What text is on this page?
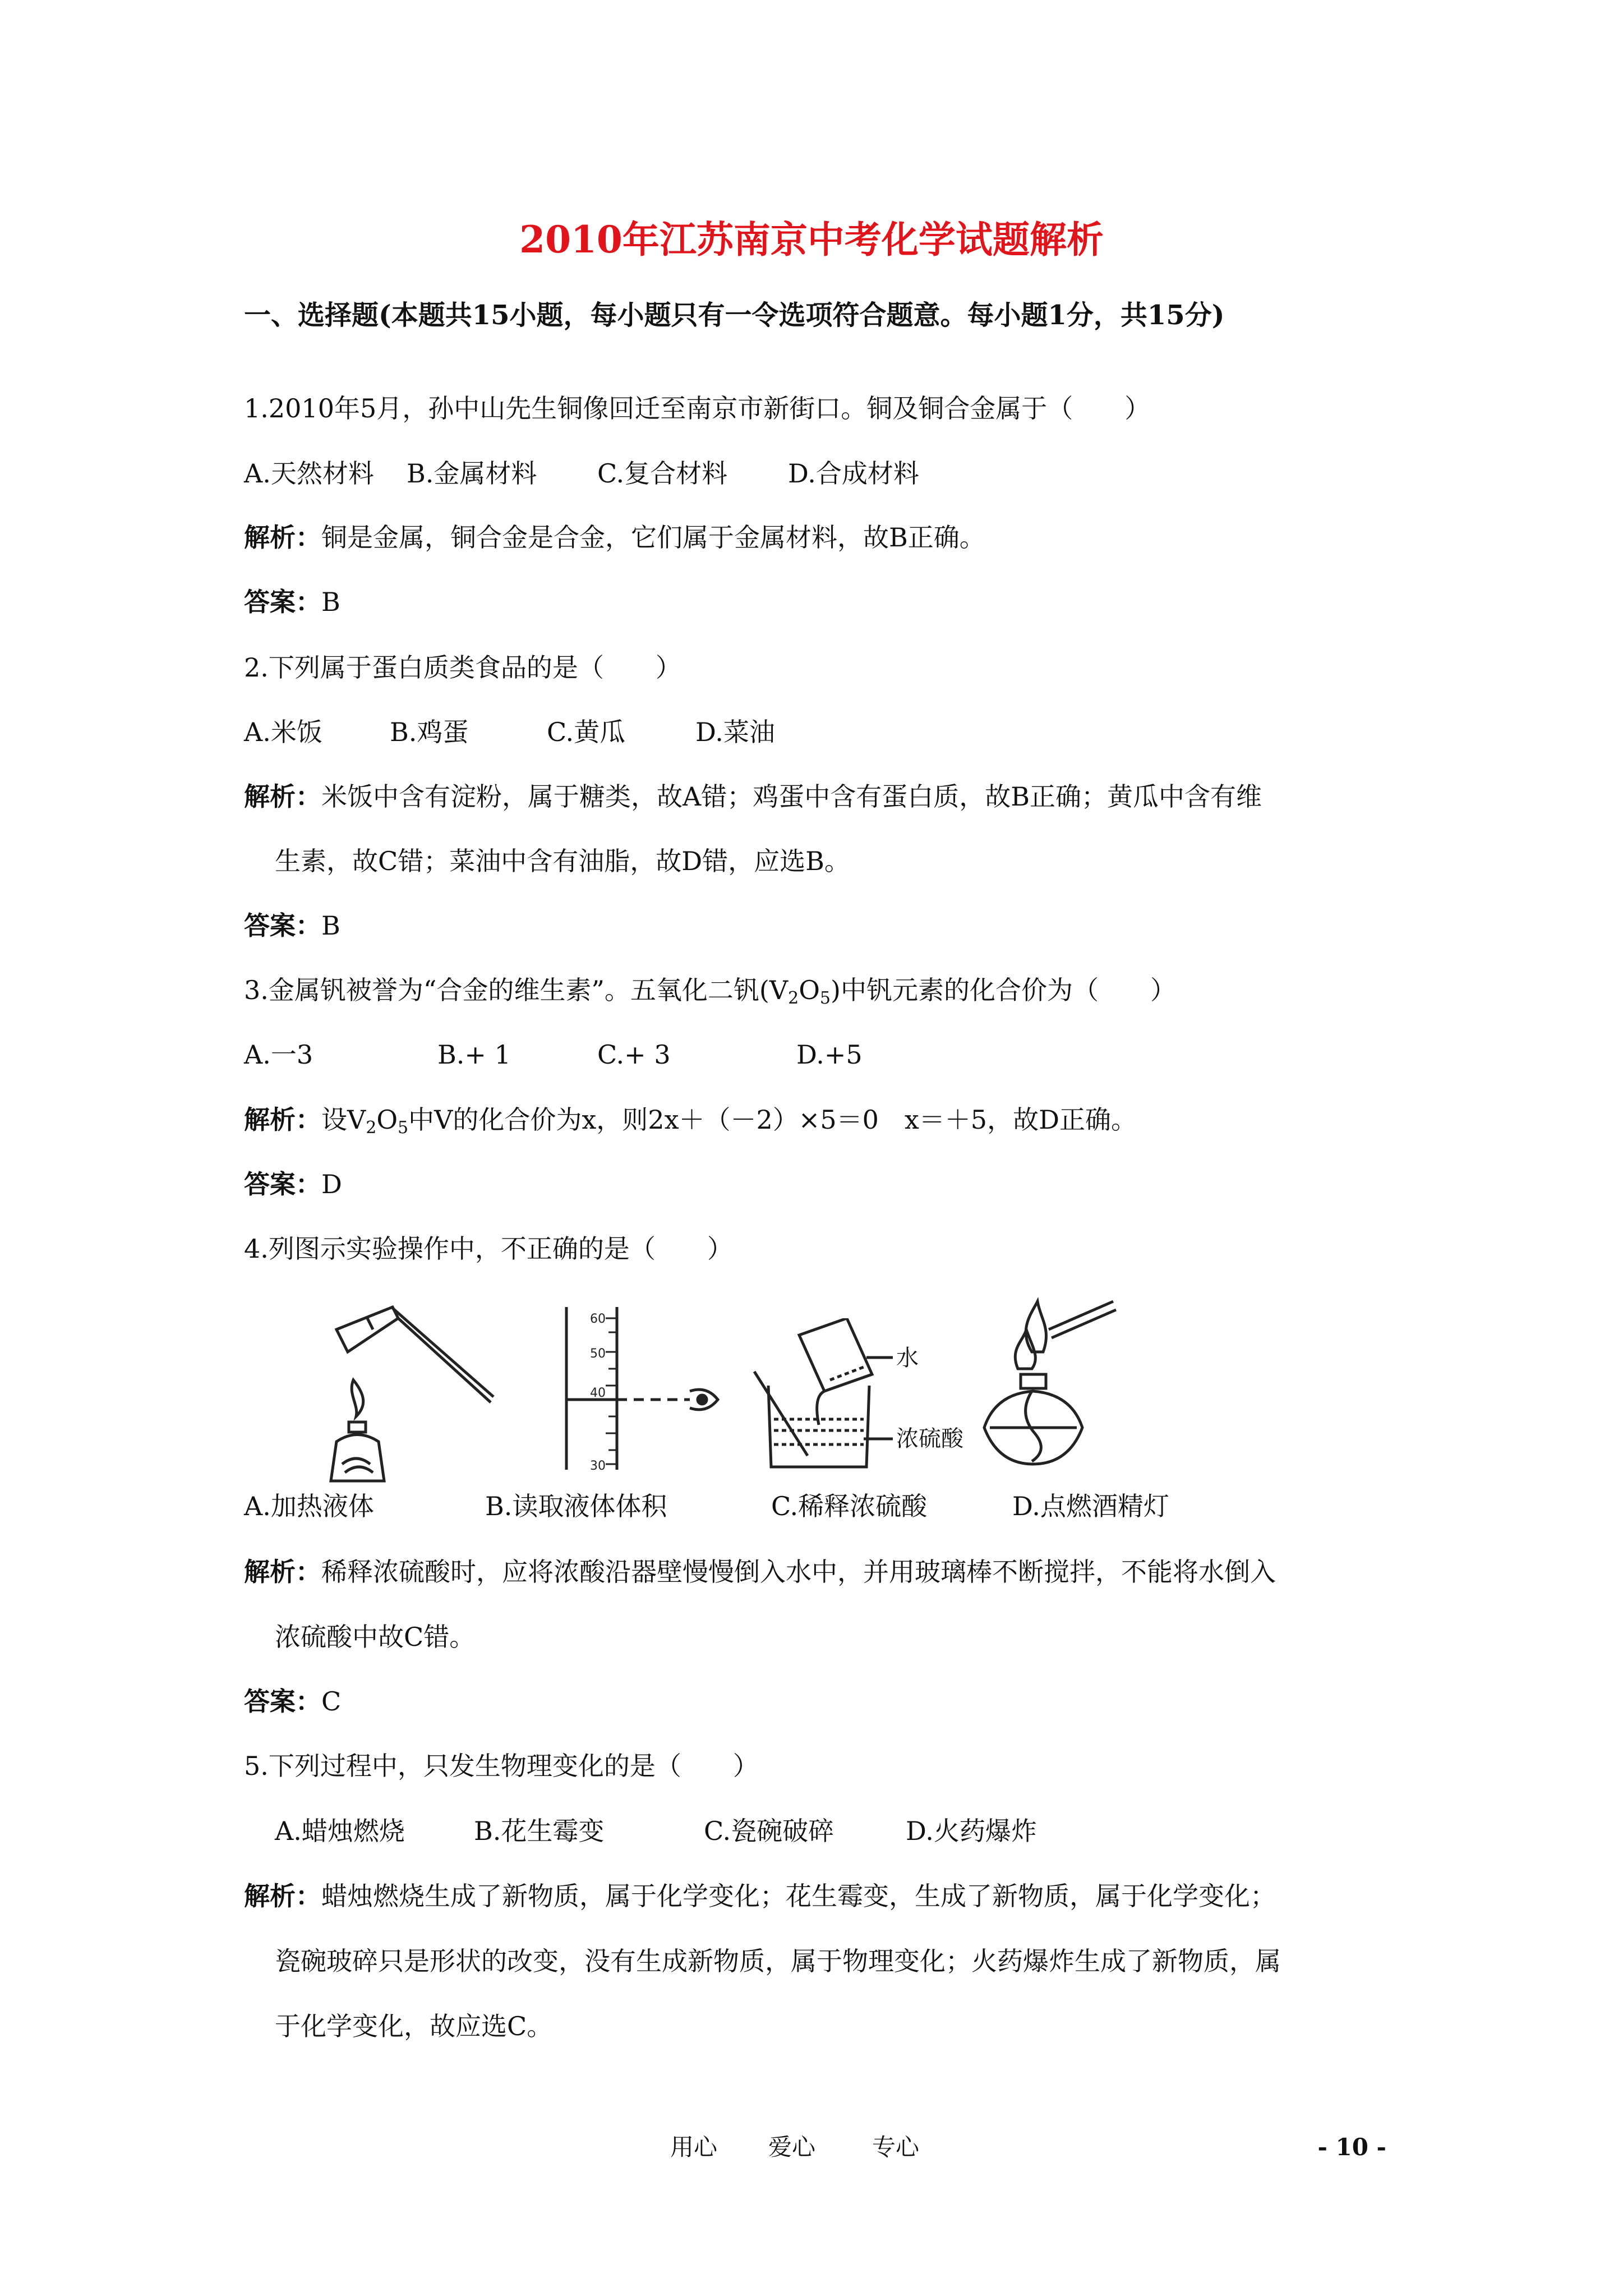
2010年江苏南京中考化学试题解析
一、选择题(本题共15小题，每小题只有一令选项符合题意。每小题1分，共15分)
1.2010年5月，孙中山先生铜像回迁至南京市新街口。铜及铜合金属于（　　）
A.天然材料 B.金属材料 C.复合材料 D.合成材料
解析：铜是金属，铜合金是合金，它们属于金属材料，故B正确。
答案：B
2.下列属于蛋白质类食品的是（　　）
A.米饭	B.鸡蛋	C.黄瓜	D.菜油
解析：米饭中含有淀粉，属于糖类，故A错；鸡蛋中含有蛋白质，故B正确；黄瓜中含有维
生素，故C错；菜油中含有油脂，故D错，应选B。
答案：B
3.金属钒被誉为“合金的维生素”。五氧化二钒$(V_2O_5)$中钒元素的化合价为（　　）
A.一3	B.+ 1	C.+ 3	D.+5
解析：设$V_2O_5$中V的化合价为x，则2x＋（－2）×5＝0　x＝＋5，故D正确。
答案：D
4.列图示实验操作中，不正确的是（　　）
60
50
40
30
水
浓硫酸
A.加热液体	B.读取液体体积	C.稀释浓硫酸	D.点燃酒精灯
解析：稀释浓硫酸时，应将浓酸沿器壁慢慢倒入水中，并用玻璃棒不断搅拌，不能将水倒入
浓硫酸中故C错。
答案：C
5.下列过程中，只发生物理变化的是（　　）
A.蜡烛燃烧	B.花生霉变	C.瓷碗破碎	D.火药爆炸
解析：蜡烛燃烧生成了新物质，属于化学变化；花生霉变，生成了新物质，属于化学变化；
瓷碗玻碎只是形状的改变，没有生成新物质，属于物理变化；火药爆炸生成了新物质，属
于化学变化，故应选C。
用心 爱心 专心	- 10 -
